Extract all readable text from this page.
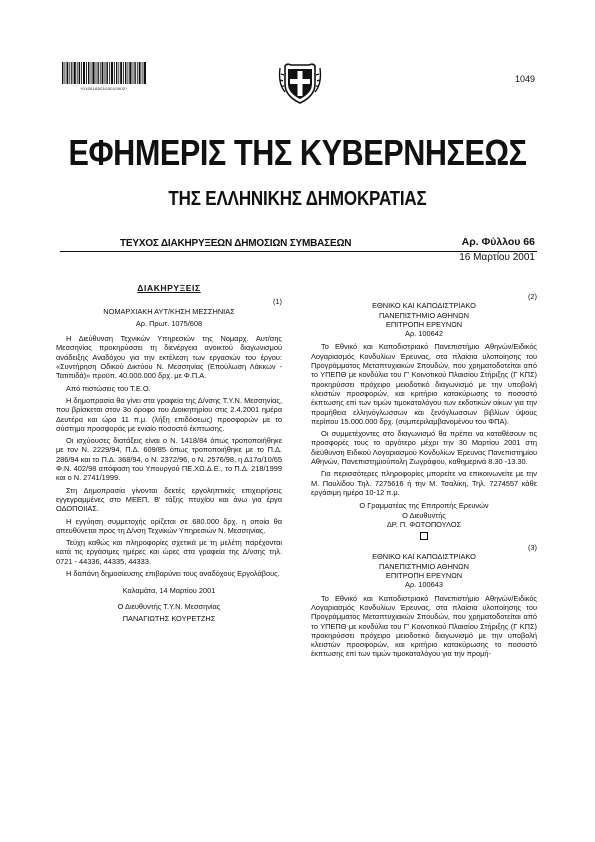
*01001650103010002*
1049
ΕΦΗΜΕΡΙΣ ΤΗΣ ΚΥΒΕΡΝΗΣΕΩΣ
ΤΗΣ ΕΛΛΗΝΙΚΗΣ ΔΗΜΟΚΡΑΤΙΑΣ
ΤΕΥΧΟΣ ΔΙΑΚΗΡΥΞΕΩΝ ΔΗΜΟΣΙΩΝ ΣΥΜΒΑΣΕΩΝ	Αρ. Φύλλου 66
16 Μαρτίου 2001
ΔΙΑΚΗΡΥΞΕΙΣ
(1)
ΝΟΜΑΡΧΙΑΚΗ ΑΥΤ/ΚΗΣΗ ΜΕΣΣΗΝΙΑΣ
Αρ. Πρωτ. 1075/608

Η Διεύθυνση Τεχνικών Υπηρεσιών της Νομαρχ. Αυτ/σης Μεσσηνίας προκηρύσσει τη διενέργεια ανοικτού διαγωνισμού ανάδειξης Αναδόχου για την εκτέλεση των εργασιών του έργου: «Συντήρηση Οδικού Δικτύου Ν. Μεσσηνίας (Επούλωση Λάκκων - Τατιπιδά)» προϋπ. 40.000.000 δρχ. με Φ.Π.Α.

Από πιστώσεις του Τ.Ε.Ο.

Η δημοπρασία θα γίνει στα γραφεία της Δ/νσης Τ.Υ.Ν. Μεσσηνίας, που βρίσκεται στον 3ο όροφο του Διοικητηρίου στις 2.4.2001 ημέρα Δευτέρα και ώρα 11 π.μ. (λήξη επιδόσεως) προσφορών με το σύστημα προσφοράς με ενιαίο ποσοστό έκπτωσης.

Οι ισχύουσες διατάξεις είναι ο Ν. 1418/84 όπως τροποποιήθηκε με τον Ν. 2229/94, Π.Δ. 609/85 όπως τροποποιήθηκε με το Π.Δ. 286/94 και το Π.Δ. 368/94, ο Ν. 2372/96, ο Ν. 2576/98, η Δ17α/10/65 Φ.Ν. 402/98 απόφαση του Υπουργού ΠΕ.ΧΩ.Δ.Ε., το Π.Δ. 218/1999 και ο Ν. 2741/1999.

Στη Δημοπρασία γίνονται δεκτές εργοληπτικές επιχειρήσεις εγγεγραμμένες στο ΜΕΕΠ, Β' τάξης πτυχίου και άνω για έργα ΟΔΟΠΟΙΙΑΣ.

Η εγγύηση συμμετοχής ορίζεται σε 680.000 δρχ. η οποία θα απευθύνεται προς τη Δ/νση Τεχνικών Υπηρεσιών Ν. Μεσσηνίας.

Τεύχη καθώς και πληροφορίες σχετικά με τη μελέτη παρέχονται κατά τις εργάσιμες ημέρες και ώρες στα γραφεία της Δ/νσης τηλ. 0721 - 44336, 44335, 44333.

Η δαπάνη δημοσίευσης επιβαρύνει τους αναδόχους Εργολάβους.

Καλαμάτα, 14 Μαρτίου 2001
Ο Διευθυντής Τ.Υ.Ν. Μεσσηνίας
ΠΑΝΑΓΙΩΤΗΣ ΚΟΥΡΕΤΖΗΣ
(2)
ΕΘΝΙΚΟ ΚΑΙ ΚΑΠΟΔΙΣΤΡΙΑΚΟ
ΠΑΝΕΠΙΣΤΗΜΙΟ ΑΘΗΝΩΝ
ΕΠΙΤΡΟΠΗ ΕΡΕΥΝΩΝ
Αρ. 100642

Το Εθνικό και Καποδιστριακό Πανεπιστήμιο Αθηνών/Ειδικός Λογαριασμός Κονδυλίων Έρευνας, στα πλαίσια υλοποίησης του Προγράμματος Μεταπτυχιακών Σπουδών, που χρηματοδοτείται από το ΥΠΕΠΘ με κονδύλια του Γ' Κοινοτικού Πλαισίου Στήριξης (Γ ΚΠΣ) προκηρύσσει πρόχειρο μειοδοτικό διαγωνισμό με την υποβολή κλειστών προσφορών, και κριτήριο κατακύρωσης το ποσοστό έκπτωσης επί των τιμών τιμοκαταλόγου των εκδοτικών οίκων για την προμήθεια ελληνόγλωσσων και ξενόγλωσσων βιβλίων ύψους περίπου 15.000.000 δρχ. (συμπεριλαμβανομένου του ΦΠΑ).

Οι συμμετέχοντες στο διαγωνισμό θα πρέπει να καταθέσουν τις προσφορές τους το αργότερο μέχρι την 30 Μαρτίου 2001 στη διεύθυνση Ειδικού Λογαριασμού Κονδυλίων Έρευνας Πανεπιστημίου Αθηνών, Πανεπιστημιούπολη Ζωγράφου, καθημερινά 8.30 -13.30.

Για περισσότερες πληροφορίες μπορείτε να επικοινωνείτε με την Μ. Παυλίδου Τηλ. 7275616 ή την Μ. Τσαλίκη, Τηλ. 7274557 κάθε εργάσιμη ημέρα 10-12 π.μ.

Ο Γραμματέας της Επιτροπής Ερευνών
Ο Διευθυντής
ΔΡ. Π. ΦΩΤΟΠΟΥΛΟΣ
(3)
ΕΘΝΙΚΟ ΚΑΙ ΚΑΠΟΔΙΣΤΡΙΑΚΟ
ΠΑΝΕΠΙΣΤΗΜΙΟ ΑΘΗΝΩΝ
ΕΠΙΤΡΟΠΗ ΕΡΕΥΝΩΝ
Αρ. 100643

Το Εθνικό και Καποδιστριακό Πανεπιστήμιο Αθηνών/Ειδικός Λογαριασμός Κονδυλίων Έρευνας, στα πλαίσια υλοποίησης του Προγράμματος Μεταπτυχιακών Σπουδών, που χρηματοδοτείται από το ΥΠΕΠΘ με κονδύλια του Γ' Κοινοτικού Πλαισίου Στήριξης (Γ ΚΠΣ) προκηρύσσει πρόχειρο μειοδοτικό διαγωνισμό με την υποβολή κλειστών προσφορών, και κριτήριο κατακύρωσης το ποσοστό έκπτωσης επί των τιμών τιμοκαταλόγου για την προμή-
